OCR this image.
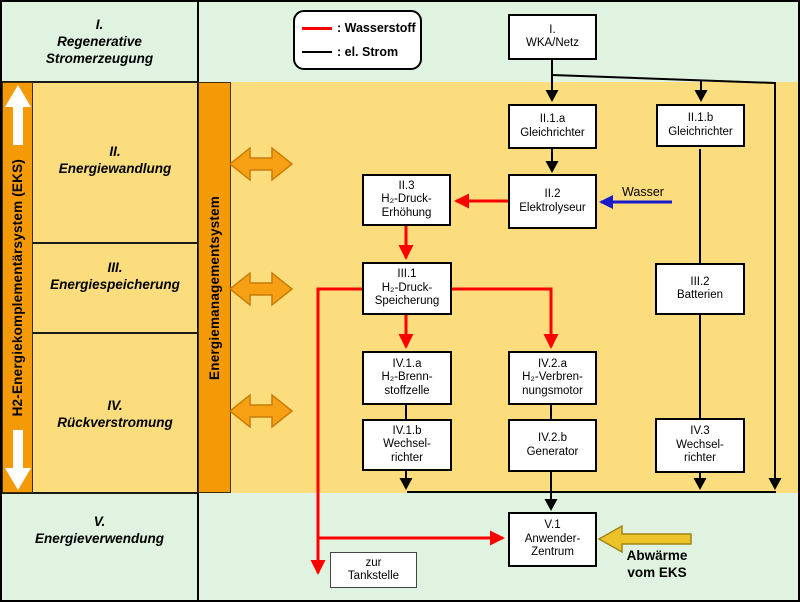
H2-Energiekomplementärsystem (EKS)	Energiemanagementsystem
I.
Regenerative
Stromerzeugung
II.
Energiewandlung
III.
Energiespeicherung
IV.
Rückverstromung
V.
Energieverwendung
: Wasserstoff
: el. Strom
I.
WKA/Netz
II.1.a
Gleichrichter
II.1.b
Gleichrichter
II.2
Elektrolyseur
II.3
H₂-Druck-
Erhöhung
III.1
H₂-Druck-
Speicherung
III.2
Batterien
IV.1.a
H₂-Brenn-
stoffzelle
IV.2.a
H₂-Verbren-
nungsmotor
IV.1.b
Wechsel-
richter
IV.2.b
Generator
IV.3
Wechsel-
richter
V.1
Anwender-
Zentrum
zur
Tankstelle
Wasser
Abwärme
vom EKS
